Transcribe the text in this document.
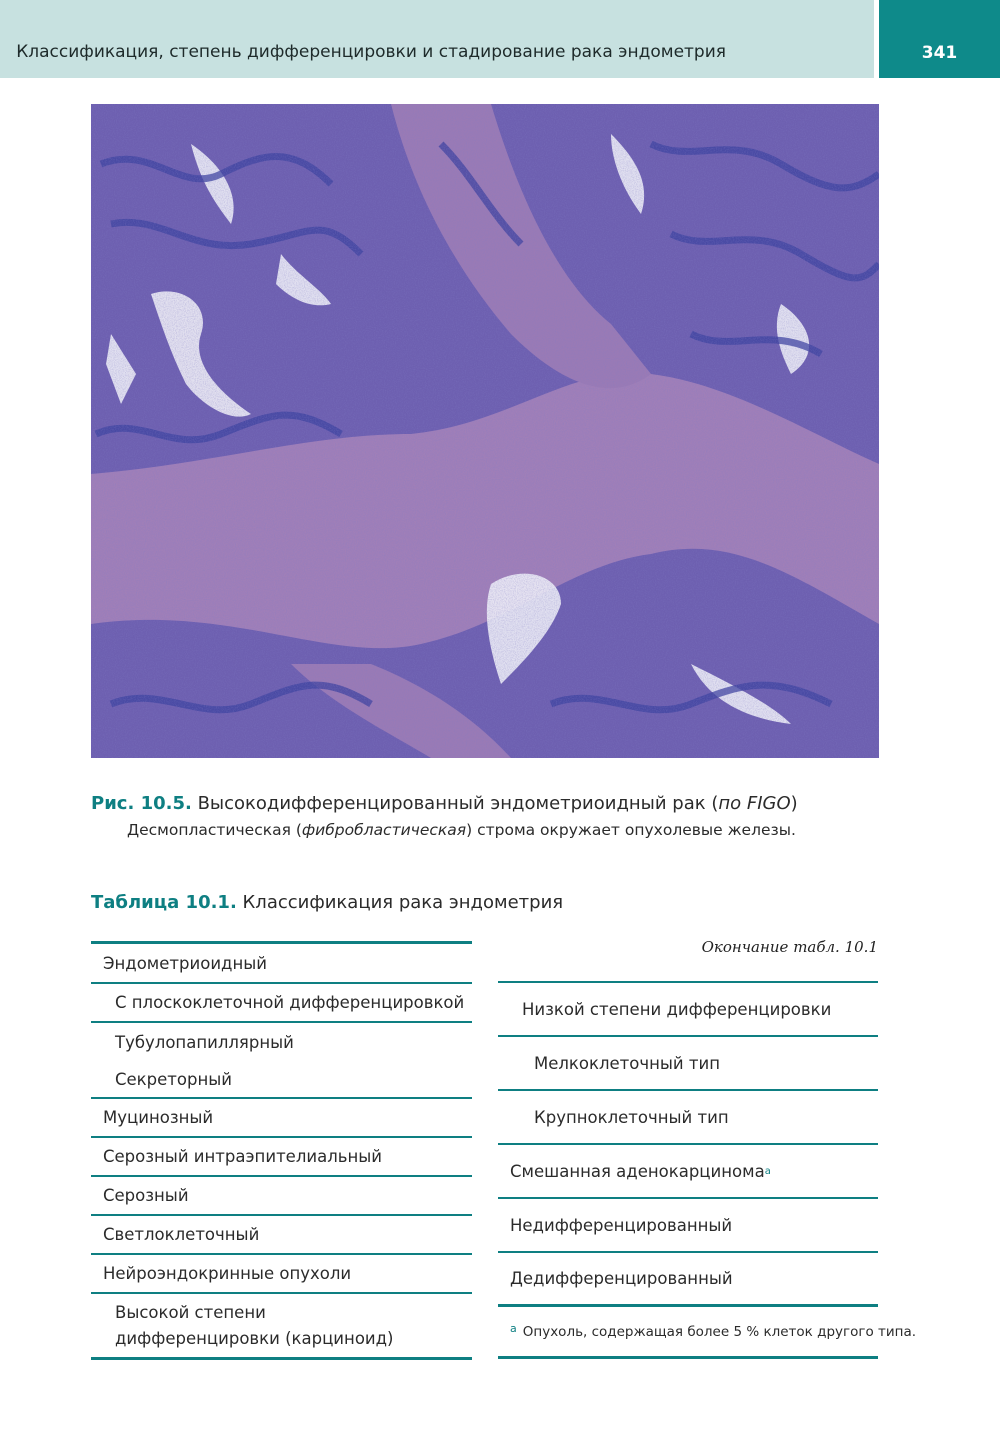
Классификация, степень дифференцировки и стадирование рака эндометрия	341
Рис. 10.5. Высокодифференцированный эндометриоидный рак (по FIGO)
Десмопластическая (фибробластическая) строма окружает опухолевые железы.
Таблица 10.1. Классификация рака эндометрия
Эндометриоидный
С плоскоклеточной дифференцировкой
Тубулопапиллярный
Секреторный
Муцинозный
Серозный интраэпителиальный
Серозный
Светлоклеточный
Нейроэндокринные опухоли
Высокой степени дифференцировки (карциноид)
Окончание табл. 10.1
Низкой степени дифференцировки
Мелкоклеточный тип
Крупноклеточный тип
Смешанная аденокарцинома a
Недифференцированный
Дедифференцированный
$^a$ Опухоль, содержащая более 5 % клеток другого типа.
